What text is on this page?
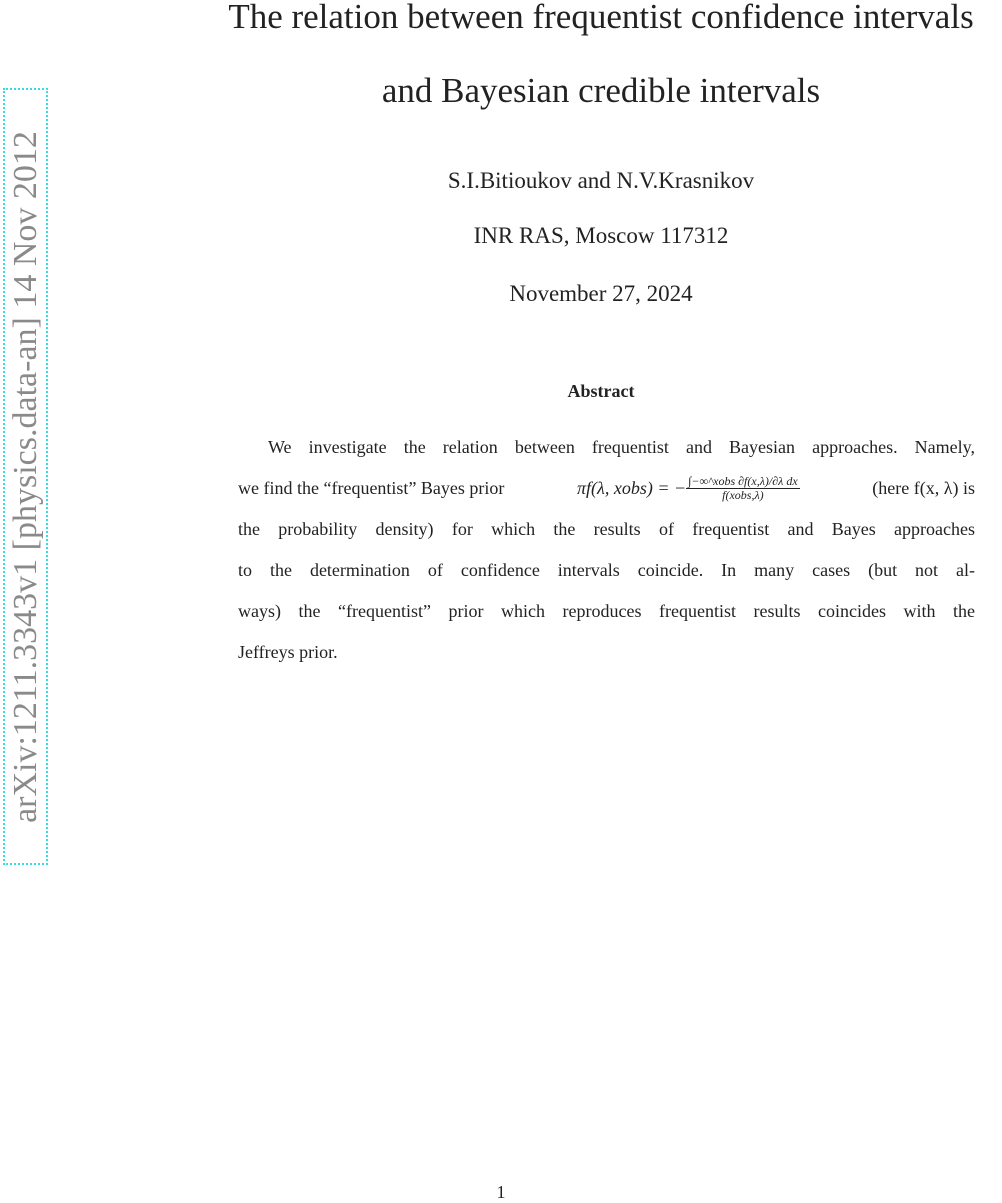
arXiv:1211.3343v1 [physics.data-an] 14 Nov 2012
The relation between frequentist confidence intervals
and Bayesian credible intervals
S.I.Bitioukov and N.V.Krasnikov
INR RAS, Moscow 117312
November 27, 2024
Abstract
We investigate the relation between frequentist and Bayesian approaches. Namely,
we find the “frequentist” Bayes prior	πf(λ, xobs) = − $\frac{\text{∫−∞\textasciicircum{}xobs ∂f(x,λ)/∂λ dx}}{\text{f(xobs,λ)}}$	(here f(x, λ) is
the probability density) for which the results of frequentist and Bayes approaches
to the determination of confidence intervals coincide. In many cases (but not al-
ways) the “frequentist” prior which reproduces frequentist results coincides with the
Jeffreys prior.
1
